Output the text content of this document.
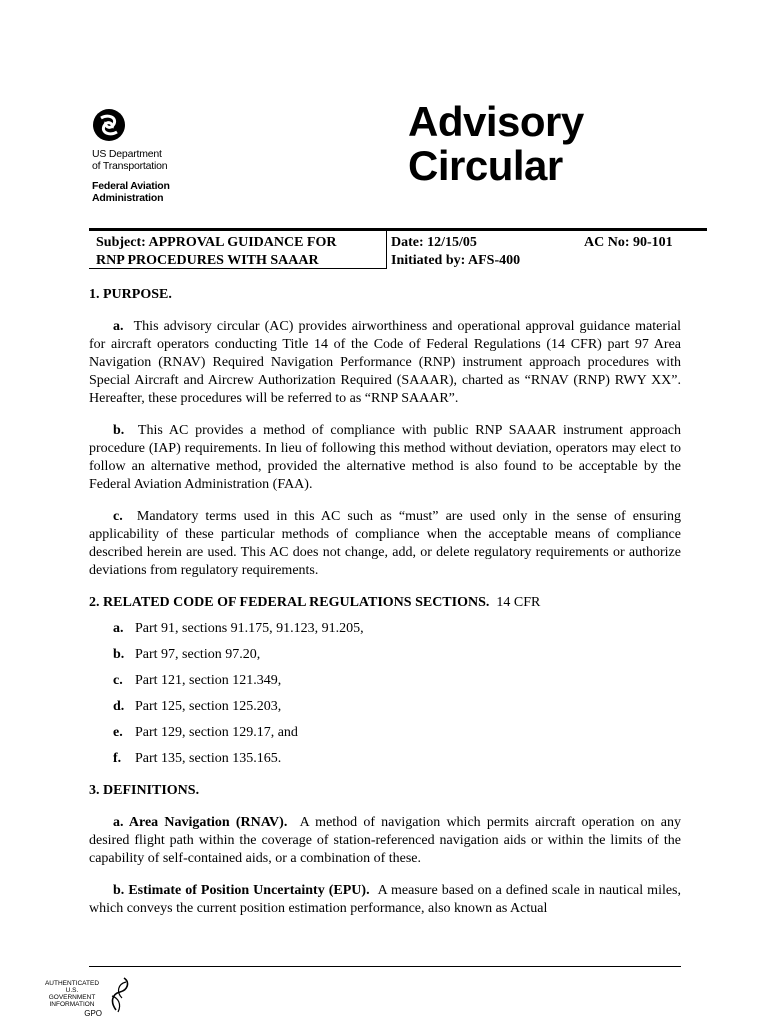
US Department
of Transportation
Federal Aviation
Administration
Advisory
Circular
Subject: APPROVAL GUIDANCE FOR
RNP PROCEDURES WITH SAAAR
Date: 12/15/05
Initiated by: AFS-400
AC No: 90-101

1. PURPOSE.

a. This advisory circular (AC) provides airworthiness and operational approval guidance material for aircraft operators conducting Title 14 of the Code of Federal Regulations (14 CFR) part 97 Area Navigation (RNAV) Required Navigation Performance (RNP) instrument approach procedures with Special Aircraft and Aircrew Authorization Required (SAAAR), charted as “RNAV (RNP) RWY XX”. Hereafter, these procedures will be referred to as “RNP SAAAR”.

b. This AC provides a method of compliance with public RNP SAAAR instrument approach procedure (IAP) requirements. In lieu of following this method without deviation, operators may elect to follow an alternative method, provided the alternative method is also found to be acceptable by the Federal Aviation Administration (FAA).

c. Mandatory terms used in this AC such as “must” are used only in the sense of ensuring applicability of these particular methods of compliance when the acceptable means of compliance described herein are used. This AC does not change, add, or delete regulatory requirements or authorize deviations from regulatory requirements.

2. RELATED CODE OF FEDERAL REGULATIONS SECTIONS. 14 CFR

a. Part 91, sections 91.175, 91.123, 91.205,
b. Part 97, section 97.20,
c. Part 121, section 121.349,
d. Part 125, section 125.203,
e. Part 129, section 129.17, and
f. Part 135, section 135.165.

3. DEFINITIONS.

a. Area Navigation (RNAV). A method of navigation which permits aircraft operation on any desired flight path within the coverage of station-referenced navigation aids or within the limits of the capability of self-contained aids, or a combination of these.

b. Estimate of Position Uncertainty (EPU). A measure based on a defined scale in nautical miles, which conveys the current position estimation performance, also known as Actual

AUTHENTICATED
U.S. GOVERNMENT
INFORMATION
GPO
